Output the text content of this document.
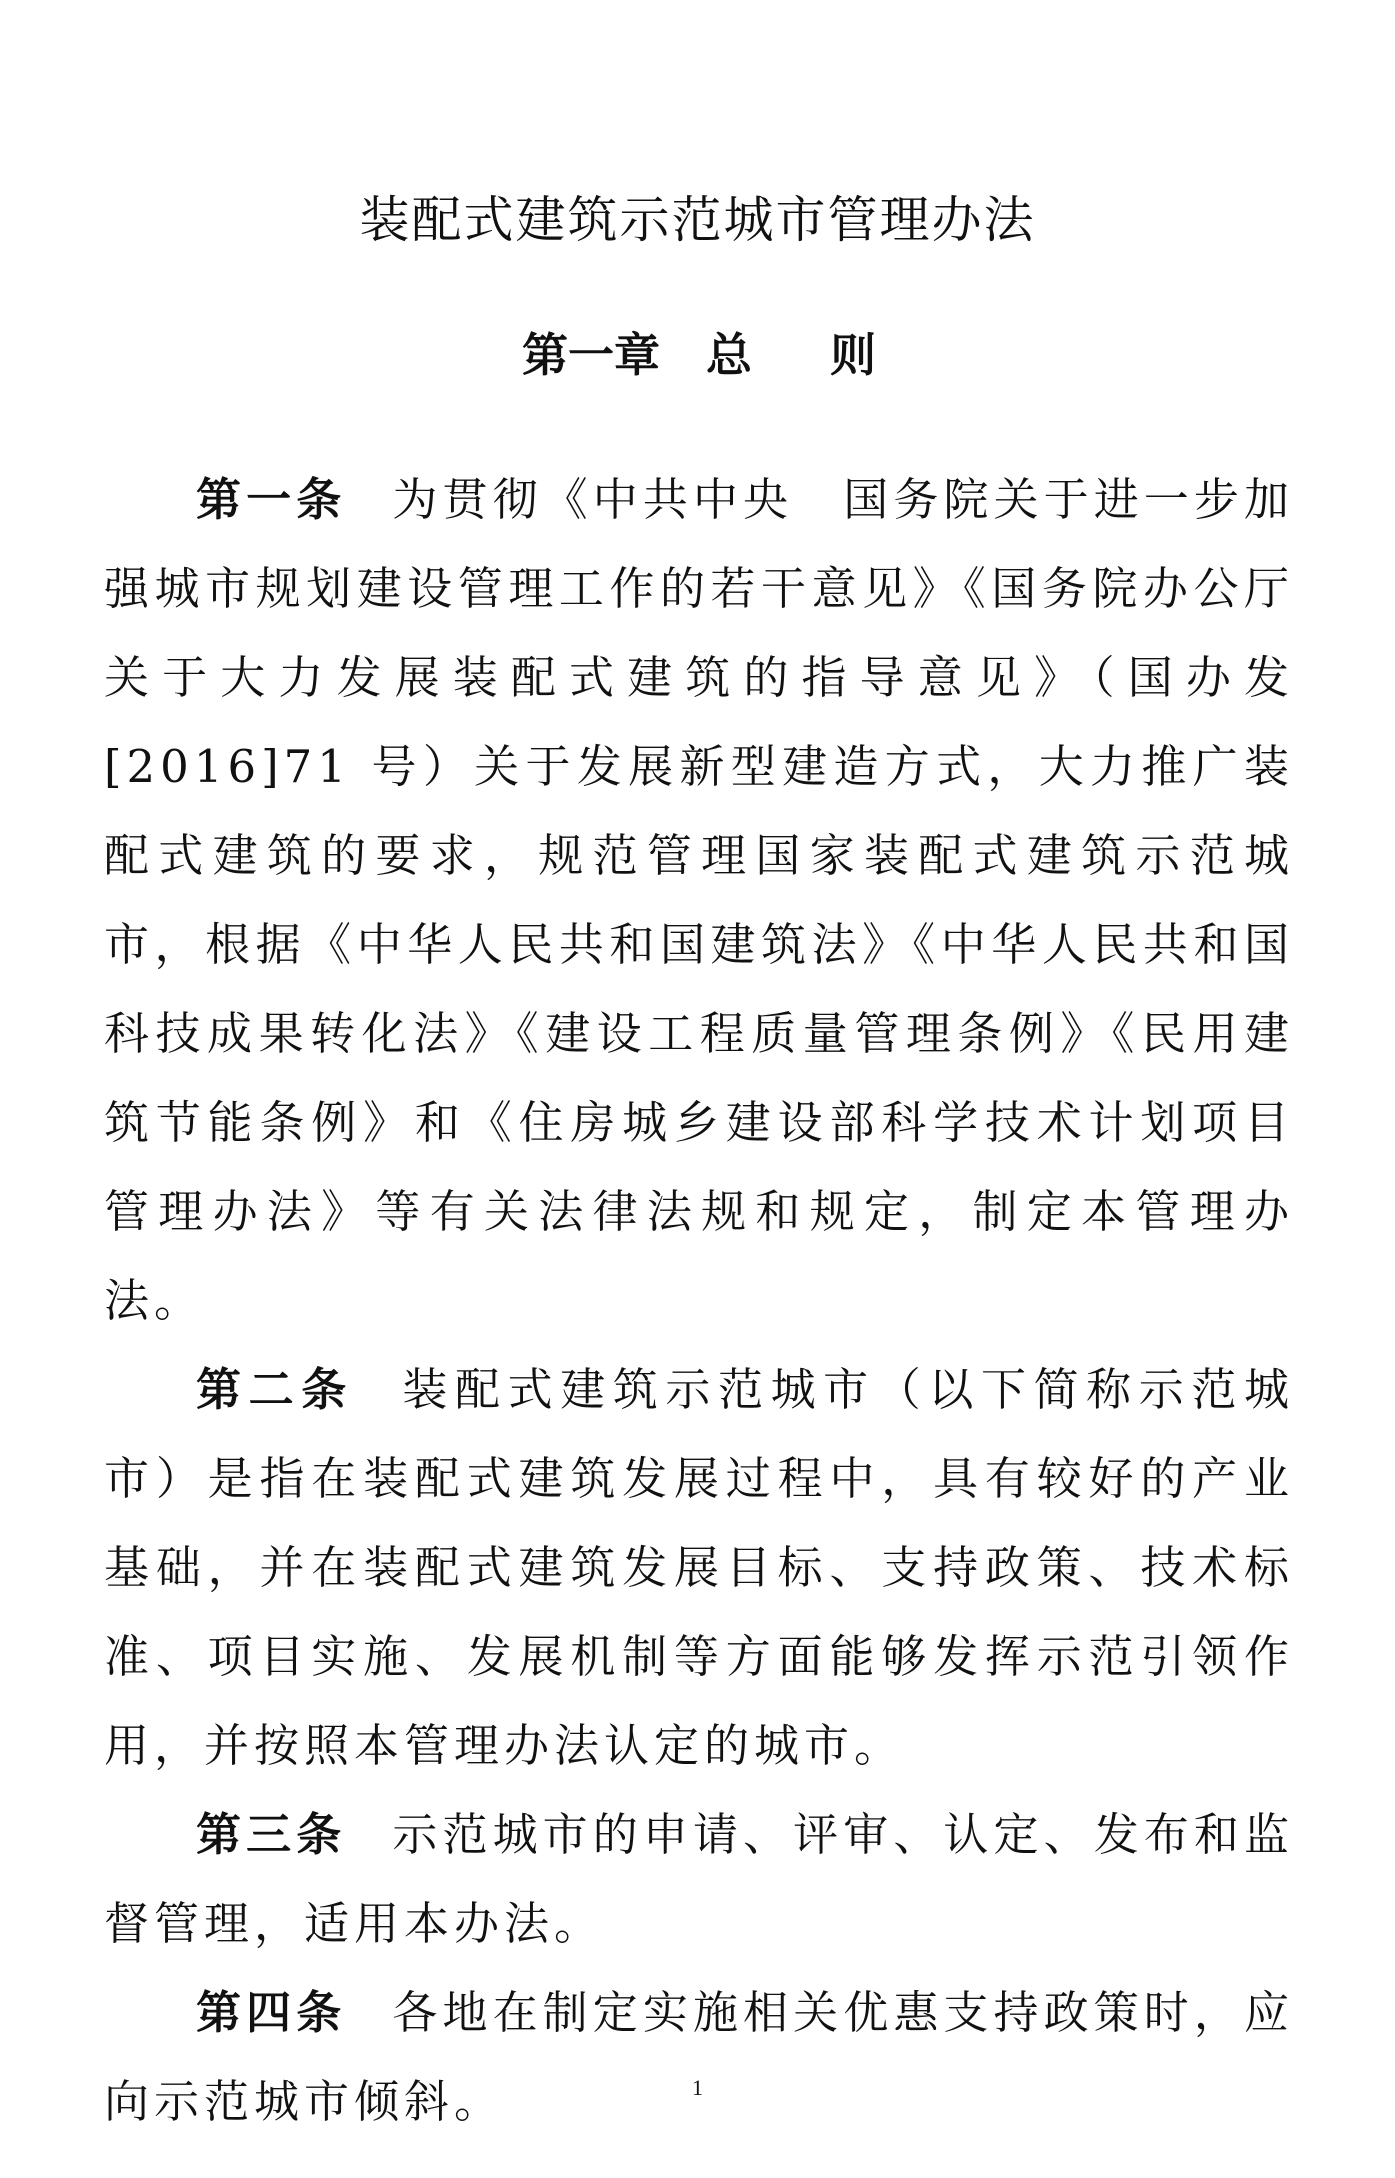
装配式建筑示范城市管理办法
第一章 总 则

第一条 为贯彻《中共中央　国务院关于进一步加强城市规划建设管理工作的若干意见》《国务院办公厅关于大力发展装配式建筑的指导意见》（国办发[2016]71 号）关于发展新型建造方式，大力推广装配式建筑的要求，规范管理国家装配式建筑示范城市，根据《中华人民共和国建筑法》《中华人民共和国科技成果转化法》《建设工程质量管理条例》《民用建筑节能条例》和《住房城乡建设部科学技术计划项目管理办法》等有关法律法规和规定，制定本管理办法。

第二条 装配式建筑示范城市（以下简称示范城市）是指在装配式建筑发展过程中，具有较好的产业基础，并在装配式建筑发展目标、支持政策、技术标准、项目实施、发展机制等方面能够发挥示范引领作用，并按照本管理办法认定的城市。

第三条 示范城市的申请、评审、认定、发布和监督管理，适用本办法。

第四条 各地在制定实施相关优惠支持政策时，应向示范城市倾斜。	1
